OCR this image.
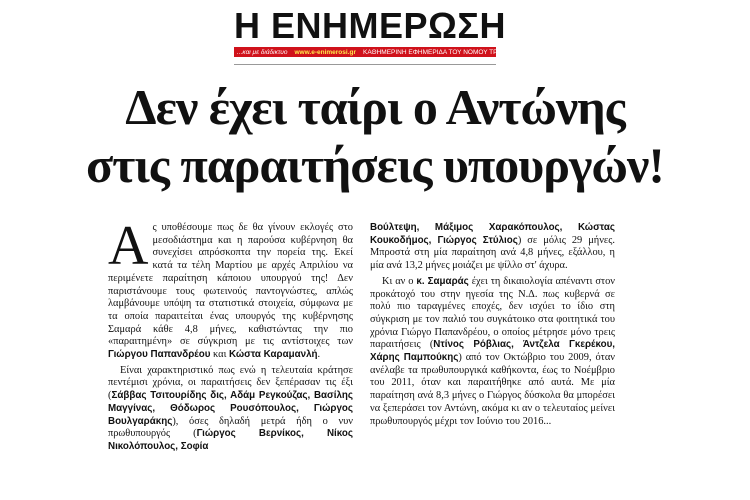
Η ΕΝΗΜΕΡΩΣΗ
...και με διάδικτυο	www.e-enimerosi.gr	ΚΑΘΗΜΕΡΙΝΗ ΕΦΗΜΕΡΙΔΑ ΤΟΥ ΝΟΜΟΥ ΤΡΙΚΑΛΩΝ
Δεν έχει ταίρι ο Αντώνης
στις παραιτήσεις υπουργών!

Ας υποθέσουμε πως δε θα γίνουν εκλογές στο μεσοδιάστημα και η παρούσα κυβέρνηση θα συνεχίσει απρόσκοπτα την πορεία της. Εκεί κατά τα τέλη Μαρτίου με αρχές Απριλίου να περιμένετε παραίτηση κάποιου υπουργού της! Δεν παριστάνουμε τους φωτεινούς παντογνώστες, απλώς λαμβάνουμε υπόψη τα στατιστικά στοιχεία, σύμφωνα με τα οποία παραιτείται ένας υπουργός της κυβέρνησης Σαμαρά κάθε 4,8 μήνες, καθιστώντας την πιο «παραιτημένη» σε σύγκριση με τις αντίστοιχες των Γιώργου Παπανδρέου και Κώστα Καραμανλή.

Είναι χαρακτηριστικό πως ενώ η τελευταία κράτησε πεντέμισι χρόνια, οι παραιτήσεις δεν ξεπέρασαν τις έξι (Σάββας Τσιτουρίδης δις, Αδάμ Ρεγκούζας, Βασίλης Μαγγίνας, Θόδωρος Ρουσόπουλος, Γιώργος Βουλγαράκης), όσες δηλαδή μετρά ήδη ο νυν πρωθυπουργός (Γιώργος Βερνίκος, Νίκος Νικολόπουλος, Σοφία

Βούλτεψη, Μάξιμος Χαρακόπουλος, Κώστας Κουκοδήμος, Γιώργος Στύλιος) σε μόλις 29 μήνες. Μπροστά στη μία παραίτηση ανά 4,8 μήνες, εξάλλου, η μία ανά 13,2 μήνες μοιάζει με ψίλλο στ' άχυρα.

Κι αν ο κ. Σαμαράς έχει τη δικαιολογία απέναντι στον προκάτοχό του στην ηγεσία της Ν.Δ. πως κυβερνά σε πολύ πιο ταραγμένες εποχές, δεν ισχύει το ίδιο στη σύγκριση με τον παλιό του συγκάτοικο στα φοιτητικά του χρόνια Γιώργο Παπανδρέου, ο οποίος μέτρησε μόνο τρεις παραιτήσεις (Ντίνος Ρόβλιας, Άντζελα Γκερέκου, Χάρης Παμπούκης) από τον Οκτώβριο του 2009, όταν ανέλαβε τα πρωθυπουργικά καθήκοντα, έως το Νοέμβριο του 2011, όταν και παραιτήθηκε από αυτά. Με μία παραίτηση ανά 8,3 μήνες ο Γιώργος δύσκολα θα μπορέσει να ξεπεράσει τον Αντώνη, ακόμα κι αν ο τελευταίος μείνει πρωθυπουργός μέχρι τον Ιούνιο του 2016...
